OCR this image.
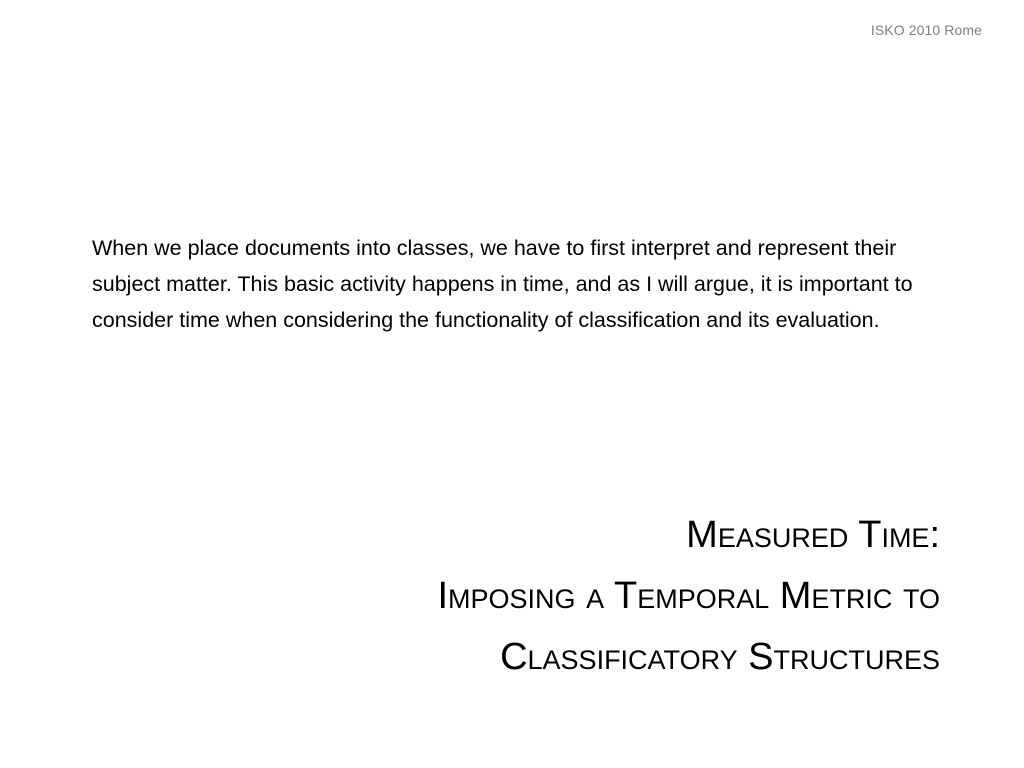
ISKO 2010 Rome

When we place documents into classes, we have to first interpret and represent their subject matter. This basic activity happens in time, and as I will argue, it is important to consider time when considering the functionality of classification and its evaluation.

Measured Time:
Imposing a Temporal Metric to
Classificatory Structures
